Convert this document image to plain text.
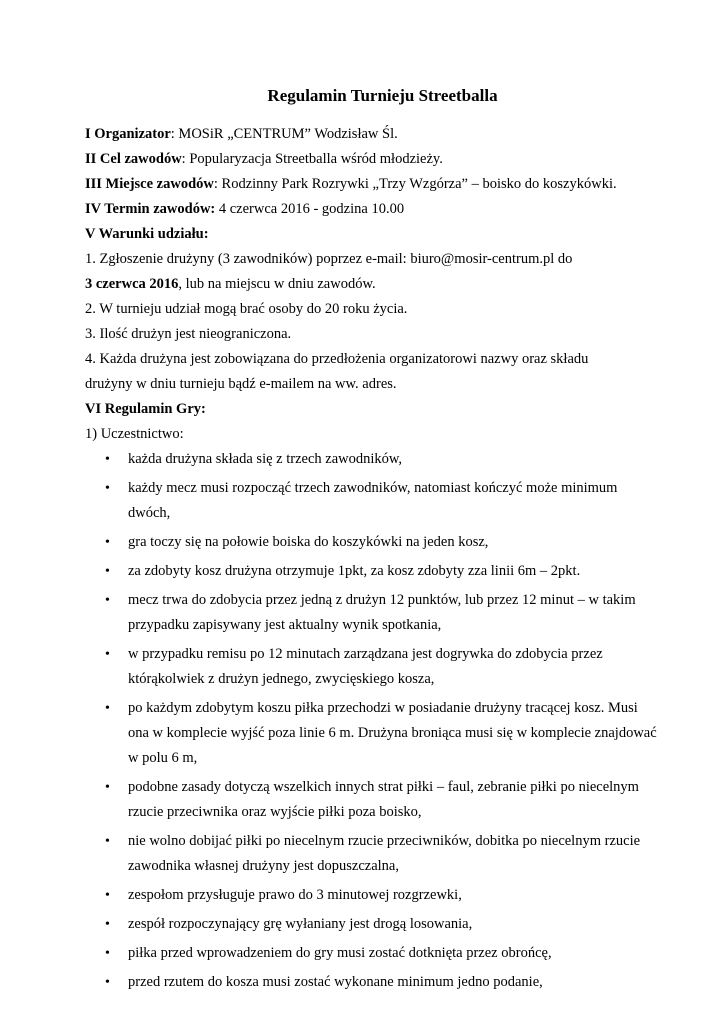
Regulamin Turnieju Streetballa
I Organizator: MOSiR „CENTRUM” Wodzisław Śl.
II Cel zawodów: Popularyzacja Streetballa wśród młodzieży.
III Miejsce zawodów: Rodzinny Park Rozrywki „Trzy Wzgórza” – boisko do koszykówki.
IV Termin zawodów: 4 czerwca 2016 - godzina 10.00
V Warunki udziału:
1. Zgłoszenie drużyny (3 zawodników) poprzez e-mail: biuro@mosir-centrum.pl do
3 czerwca 2016, lub na miejscu w dniu zawodów.
2. W turnieju udział mogą brać osoby do 20 roku życia.
3. Ilość drużyn jest nieograniczona.
4. Każda drużyna jest zobowiązana do przedłożenia organizatorowi nazwy oraz składu
drużyny w dniu turnieju bądź e-mailem na ww. adres.
VI Regulamin Gry:
1) Uczestnictwo:
• każda drużyna składa się z trzech zawodników,
• każdy mecz musi rozpocząć trzech zawodników, natomiast kończyć może minimum dwóch,
• gra toczy się na połowie boiska do koszykówki na jeden kosz,
• za zdobyty kosz drużyna otrzymuje 1pkt, za kosz zdobyty zza linii 6m – 2pkt.
• mecz trwa do zdobycia przez jedną z drużyn 12 punktów, lub przez 12 minut – w takim przypadku zapisywany jest aktualny wynik spotkania,
• w przypadku remisu po 12 minutach zarządzana jest dogrywka do zdobycia przez którąkolwiek z drużyn jednego, zwycięskiego kosza,
• po każdym zdobytym koszu piłka przechodzi w posiadanie drużyny tracącej kosz. Musi ona w komplecie wyjść poza linie 6 m. Drużyna broniąca musi się w komplecie znajdować w polu 6 m,
• podobne zasady dotyczą wszelkich innych strat piłki – faul, zebranie piłki po niecelnym rzucie przeciwnika oraz wyjście piłki poza boisko,
• nie wolno dobijać piłki po niecelnym rzucie przeciwników, dobitka po niecelnym rzucie zawodnika własnej drużyny jest dopuszczalna,
• zespołom przysługuje prawo do 3 minutowej rozgrzewki,
• zespół rozpoczynający grę wyłaniany jest drogą losowania,
• piłka przed wprowadzeniem do gry musi zostać dotknięta przez obrońcę,
• przed rzutem do kosza musi zostać wykonane minimum jedno podanie,
